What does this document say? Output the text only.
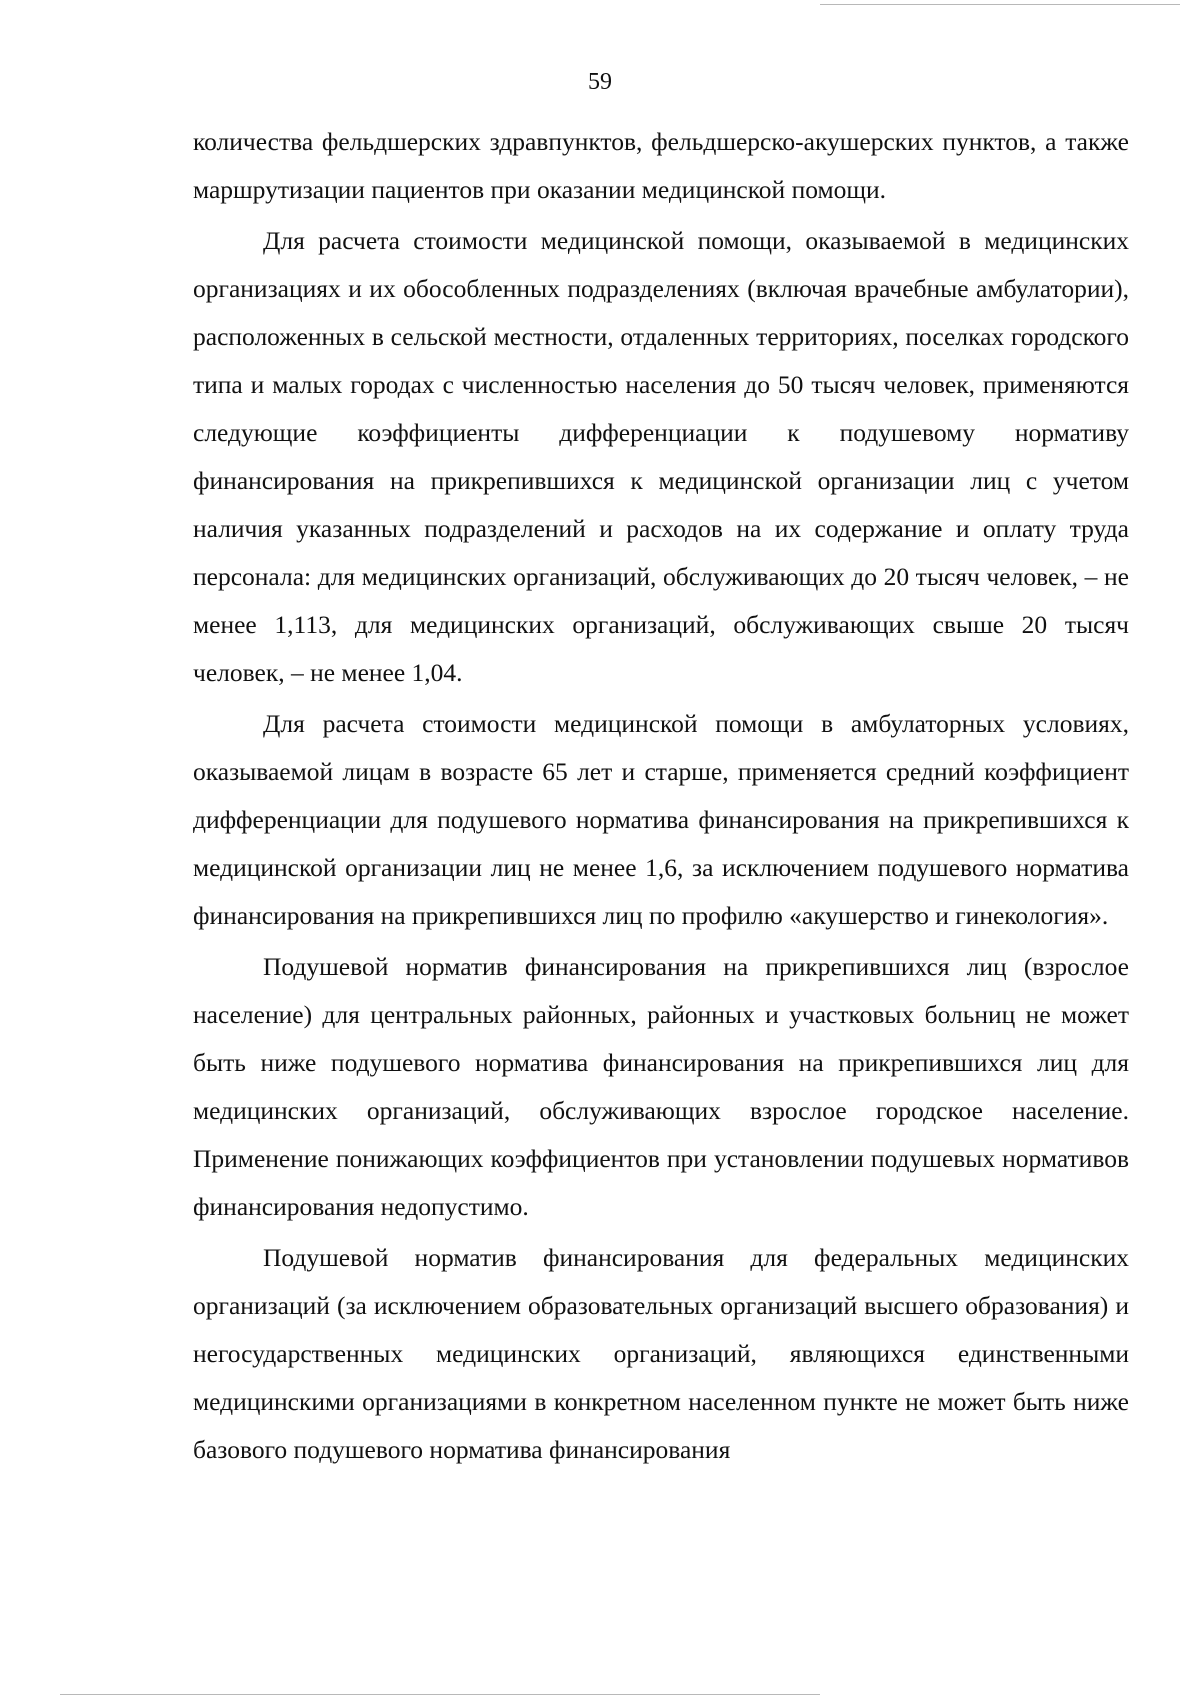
59

количества фельдшерских здравпунктов, фельдшерско-акушерских пунктов, а также маршрутизации пациентов при оказании медицинской помощи.

Для расчета стоимости медицинской помощи, оказываемой в медицинских организациях и их обособленных подразделениях (включая врачебные амбулатории), расположенных в сельской местности, отдаленных территориях, поселках городского типа и малых городах с численностью населения до 50 тысяч человек, применяются следующие коэффициенты дифференциации к подушевому нормативу финансирования на прикрепившихся к медицинской организации лиц с учетом наличия указанных подразделений и расходов на их содержание и оплату труда персонала: для медицинских организаций, обслуживающих до 20 тысяч человек, – не менее 1,113, для медицинских организаций, обслуживающих свыше 20 тысяч человек, – не менее 1,04.

Для расчета стоимости медицинской помощи в амбулаторных условиях, оказываемой лицам в возрасте 65 лет и старше, применяется средний коэффициент дифференциации для подушевого норматива финансирования на прикрепившихся к медицинской организации лиц не менее 1,6, за исключением подушевого норматива финансирования на прикрепившихся лиц по профилю «акушерство и гинекология».

Подушевой норматив финансирования на прикрепившихся лиц (взрослое население) для центральных районных, районных и участковых больниц не может быть ниже подушевого норматива финансирования на прикрепившихся лиц для медицинских организаций, обслуживающих взрослое городское население. Применение понижающих коэффициентов при установлении подушевых нормативов финансирования недопустимо.

Подушевой норматив финансирования для федеральных медицинских организаций (за исключением образовательных организаций высшего образования) и негосударственных медицинских организаций, являющихся единственными медицинскими организациями в конкретном населенном пункте не может быть ниже базового подушевого норматива финансирования
